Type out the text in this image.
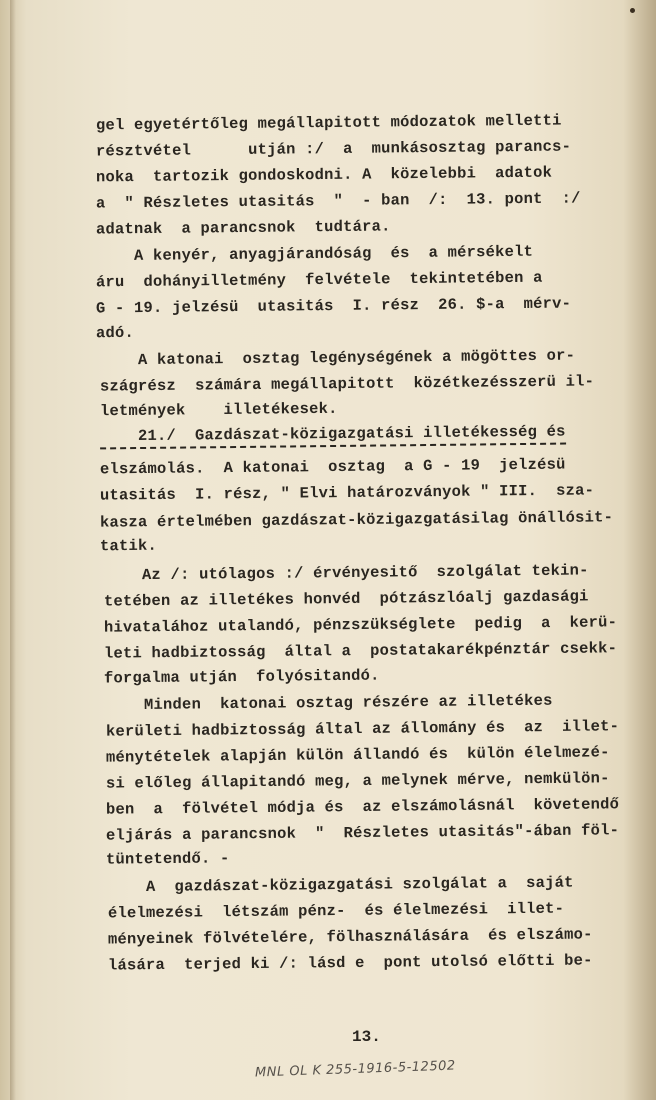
gel egyetértőleg megállapitott módozatok melletti
résztvétel      utján :/  a  munkásosztag parancs-
noka  tartozik gondoskodni. A  közelebbi  adatok
a  " Részletes utasitás  "  - ban  /:  13. pont  :/
adatnak  a parancsnok  tudtára.
A kenyér, anyagjárandóság  és  a mérsékelt
áru  dohányilletmény  felvétele  tekintetében a
G - 19. jelzésü  utasitás  I. rész  26. $-a  mérv-
adó.
A katonai  osztag legénységének a mögöttes or-
szágrész  számára megállapitott  közétkezésszerü il-
letmények    illetékesek.
21./  Gazdászat-közigazgatási illetékesség és
elszámolás.  A katonai  osztag  a G - 19  jelzésü
utasitás  I. rész, " Elvi határozványok " III.  sza-
kasza értelmében gazdászat-közigazgatásilag önállósit-
tatik.
Az /: utólagos :/ érvényesitő  szolgálat tekin-
tetében az illetékes honvéd  pótzászlóalj gazdasági
hivatalához utalandó, pénzszükséglete  pedig  a  kerü-
leti hadbiztosság  által a  postatakarékpénztár csekk-
forgalma utján  folyósitandó.
Minden  katonai osztag részére az illetékes
kerületi hadbiztosság által az állomány és  az  illet-
ménytételek alapján külön állandó és  külön élelmezé-
si előleg állapitandó meg, a melynek mérve, nemkülön-
ben  a  fölvétel módja és  az elszámolásnál  követendő
eljárás a parancsnok  "  Részletes utasitás"-ában föl-
tüntetendő. -
A  gazdászat-közigazgatási szolgálat a  saját
élelmezési  létszám pénz-  és élelmezési  illet-
ményeinek fölvételére, fölhasználására  és elszámo-
lására  terjed ki /: lásd e  pont utolsó előtti be-
13.
MNL OL K 255-1916-5-12502
